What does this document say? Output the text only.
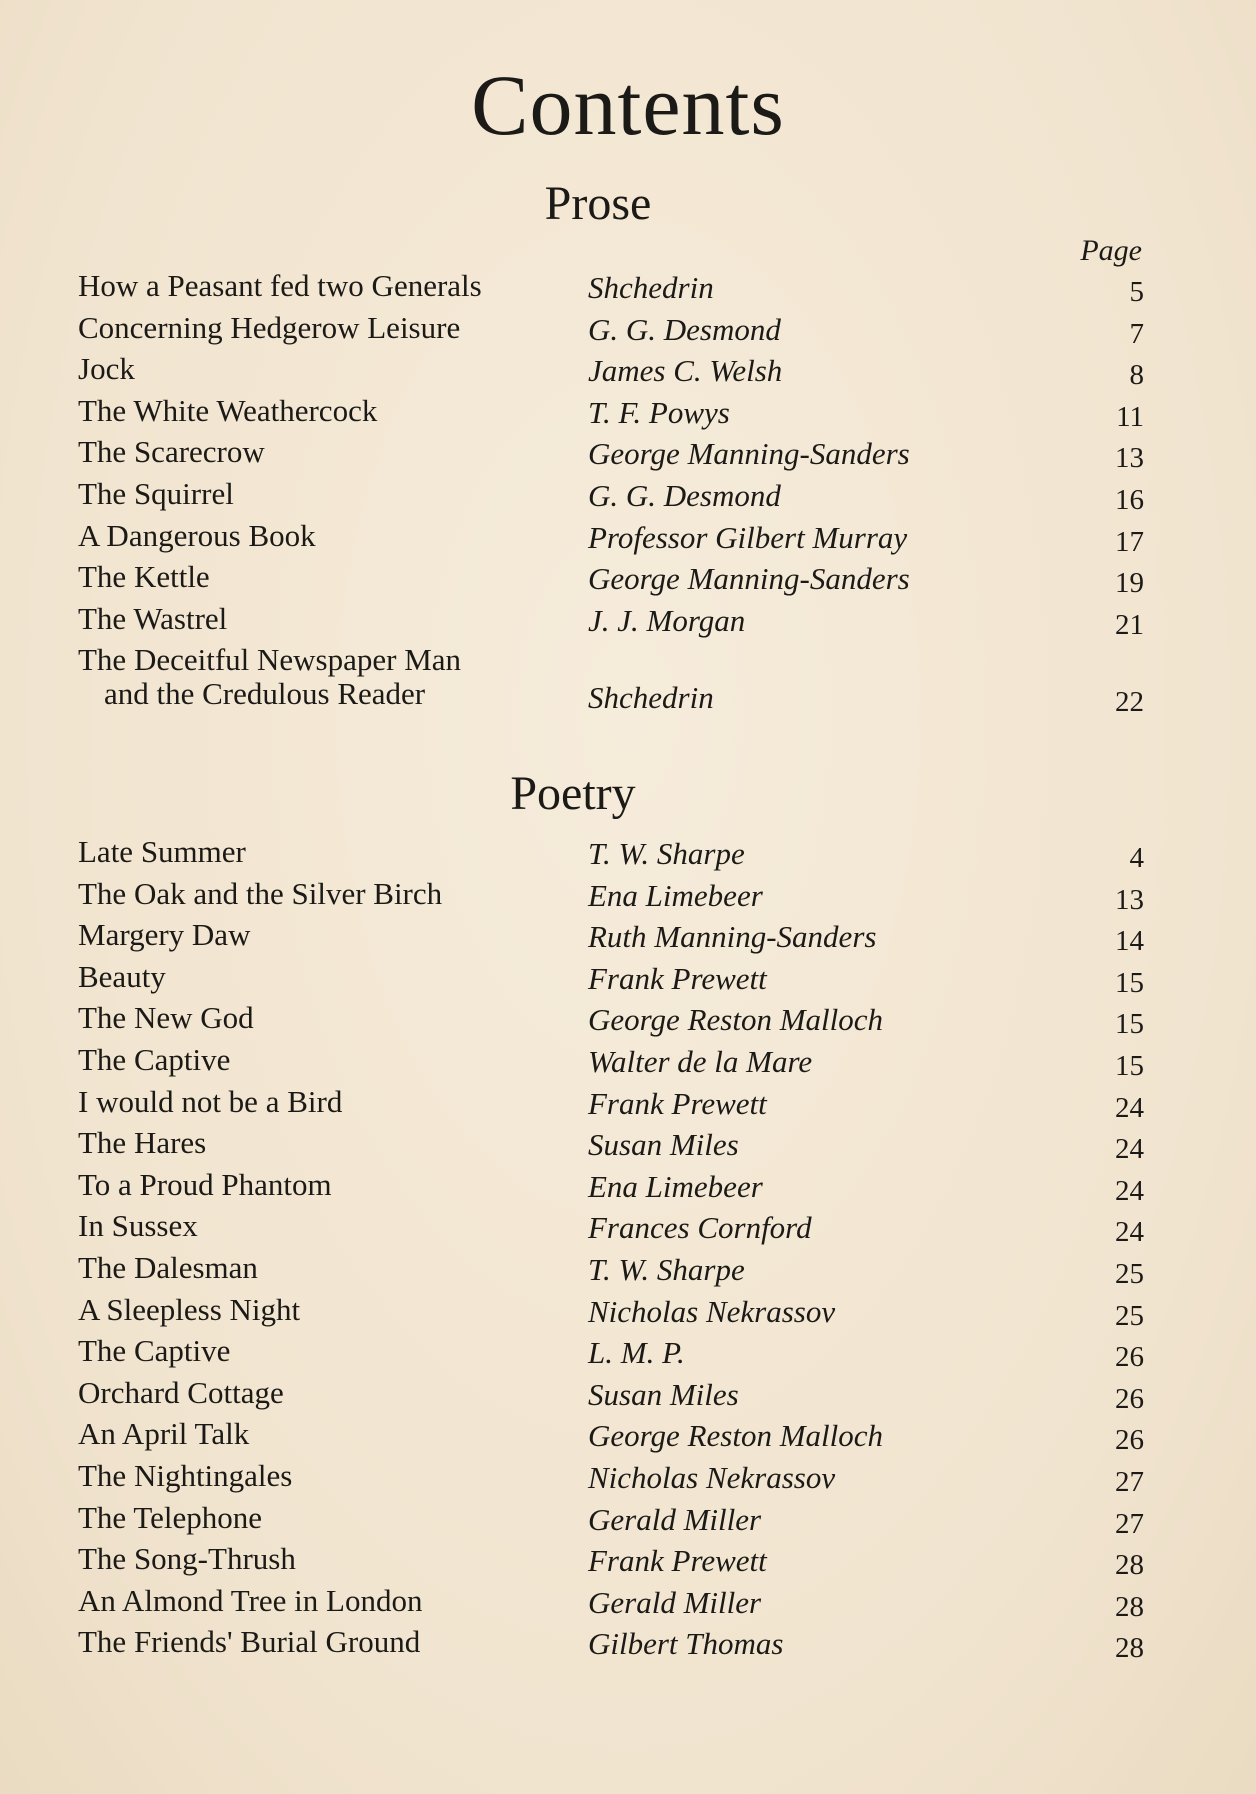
Contents
Prose
Page
How a Peasant fed two Generals	Shchedrin	5
Concerning Hedgerow Leisure	G. G. Desmond	7
Jock	James C. Welsh	8
The White Weathercock	T. F. Powys	11
The Scarecrow	George Manning-Sanders	13
The Squirrel	G. G. Desmond	16
A Dangerous Book	Professor Gilbert Murray	17
The Kettle	George Manning-Sanders	19
The Wastrel	J. J. Morgan	21
The Deceitful Newspaper Man
and the Credulous Reader	Shchedrin	22
Poetry
Late Summer	T. W. Sharpe	4
The Oak and the Silver Birch	Ena Limebeer	13
Margery Daw	Ruth Manning-Sanders	14
Beauty	Frank Prewett	15
The New God	George Reston Malloch	15
The Captive	Walter de la Mare	15
I would not be a Bird	Frank Prewett	24
The Hares	Susan Miles	24
To a Proud Phantom	Ena Limebeer	24
In Sussex	Frances Cornford	24
The Dalesman	T. W. Sharpe	25
A Sleepless Night	Nicholas Nekrassov	25
The Captive	L. M. P.	26
Orchard Cottage	Susan Miles	26
An April Talk	George Reston Malloch	26
The Nightingales	Nicholas Nekrassov	27
The Telephone	Gerald Miller	27
The Song-Thrush	Frank Prewett	28
An Almond Tree in London	Gerald Miller	28
The Friends' Burial Ground	Gilbert Thomas	28
